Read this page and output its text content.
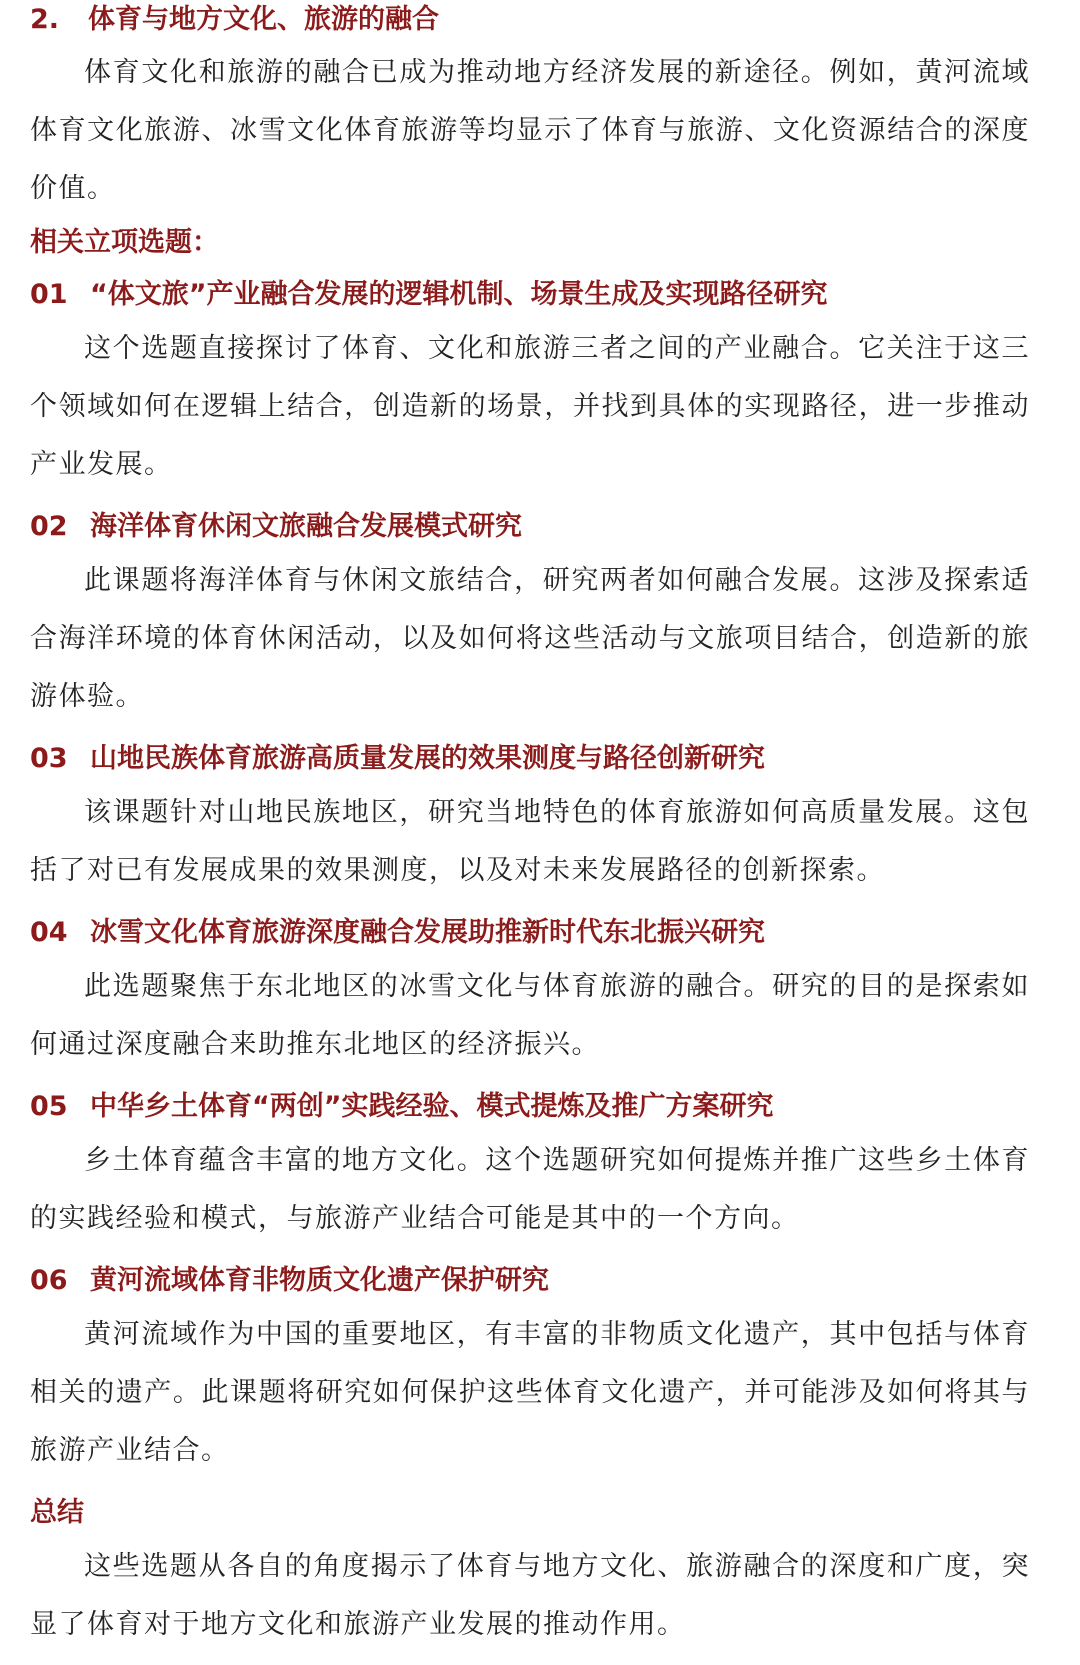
2. 体育与地方文化、旅游的融合

体育文化和旅游的融合已成为推动地方经济发展的新途径。例如，黄河流域体育文化旅游、冰雪文化体育旅游等均显示了体育与旅游、文化资源结合的深度价值。

相关立项选题：
01 “体文旅”产业融合发展的逻辑机制、场景生成及实现路径研究

这个选题直接探讨了体育、文化和旅游三者之间的产业融合。它关注于这三个领域如何在逻辑上结合，创造新的场景，并找到具体的实现路径，进一步推动产业发展。

02 海洋体育休闲文旅融合发展模式研究

此课题将海洋体育与休闲文旅结合，研究两者如何融合发展。这涉及探索适合海洋环境的体育休闲活动，以及如何将这些活动与文旅项目结合，创造新的旅游体验。

03 山地民族体育旅游高质量发展的效果测度与路径创新研究

该课题针对山地民族地区，研究当地特色的体育旅游如何高质量发展。这包括了对已有发展成果的效果测度，以及对未来发展路径的创新探索。

04 冰雪文化体育旅游深度融合发展助推新时代东北振兴研究

此选题聚焦于东北地区的冰雪文化与体育旅游的融合。研究的目的是探索如何通过深度融合来助推东北地区的经济振兴。

05 中华乡土体育“两创”实践经验、模式提炼及推广方案研究

乡土体育蕴含丰富的地方文化。这个选题研究如何提炼并推广这些乡土体育的实践经验和模式，与旅游产业结合可能是其中的一个方向。

06 黄河流域体育非物质文化遗产保护研究

黄河流域作为中国的重要地区，有丰富的非物质文化遗产，其中包括与体育相关的遗产。此课题将研究如何保护这些体育文化遗产，并可能涉及如何将其与旅游产业结合。

总结

这些选题从各自的角度揭示了体育与地方文化、旅游融合的深度和广度，突显了体育对于地方文化和旅游产业发展的推动作用。
